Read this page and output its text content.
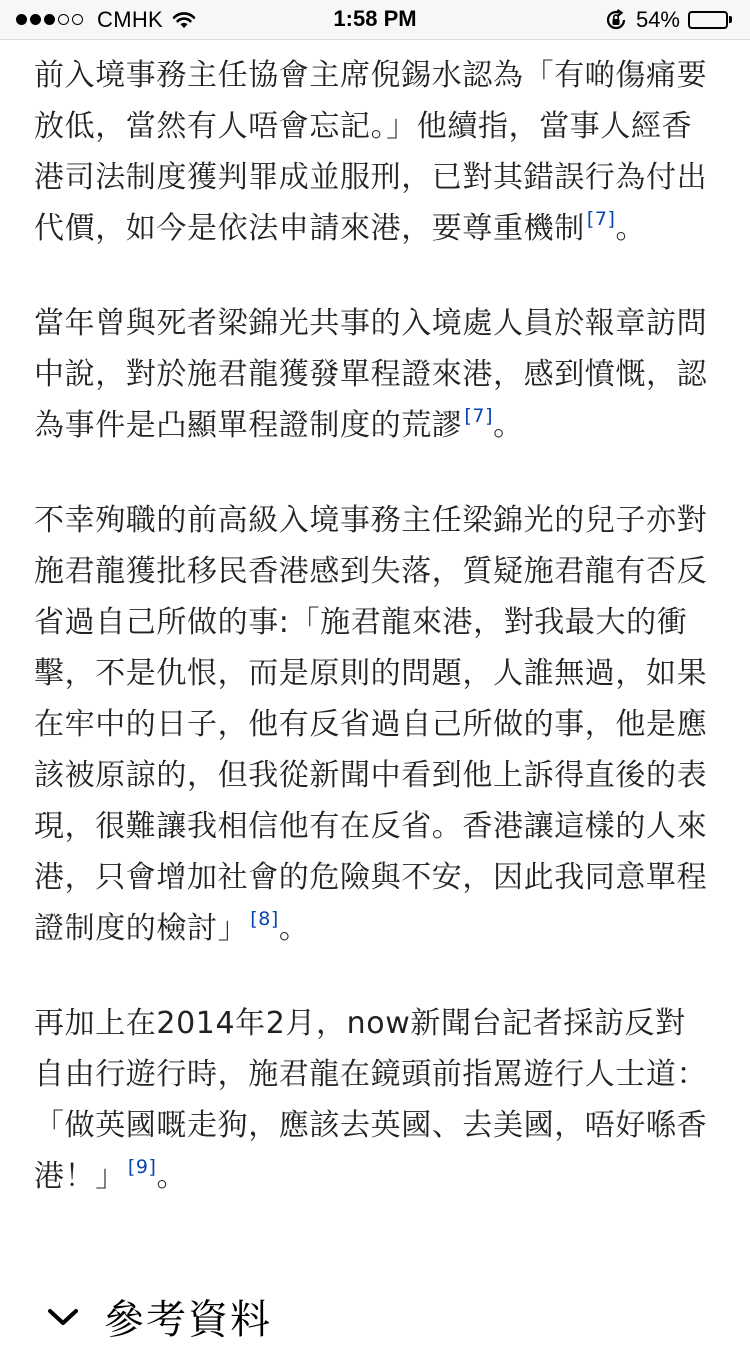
CMHK	1:58 PM	54%

前入境事務主任協會主席倪錫水認為「有啲傷痛要放低，當然有人唔會忘記。」他續指，當事人經香港司法制度獲判罪成並服刑，已對其錯誤行為付出代價，如今是依法申請來港，要尊重機制 [7]。

當年曾與死者梁錦光共事的入境處人員於報章訪問中說，對於施君龍獲發單程證來港，感到憤慨，認為事件是凸顯單程證制度的荒謬 [7]。

不幸殉職的前高級入境事務主任梁錦光的兒子亦對施君龍獲批移民香港感到失落，質疑施君龍有否反省過自己所做的事:「施君龍來港，對我最大的衝擊，不是仇恨，而是原則的問題，人誰無過，如果在牢中的日子，他有反省過自己所做的事，他是應該被原諒的，但我從新聞中看到他上訴得直後的表現，很難讓我相信他有在反省。香港讓這樣的人來港，只會增加社會的危險與不安，因此我同意單程證制度的檢討」 [8]。

再加上在2014年2月，now新聞台記者採訪反對自由行遊行時，施君龍在鏡頭前指罵遊行人士道：「做英國嘅走狗，應該去英國、去美國，唔好喺香港！」 [9]。

參考資料
